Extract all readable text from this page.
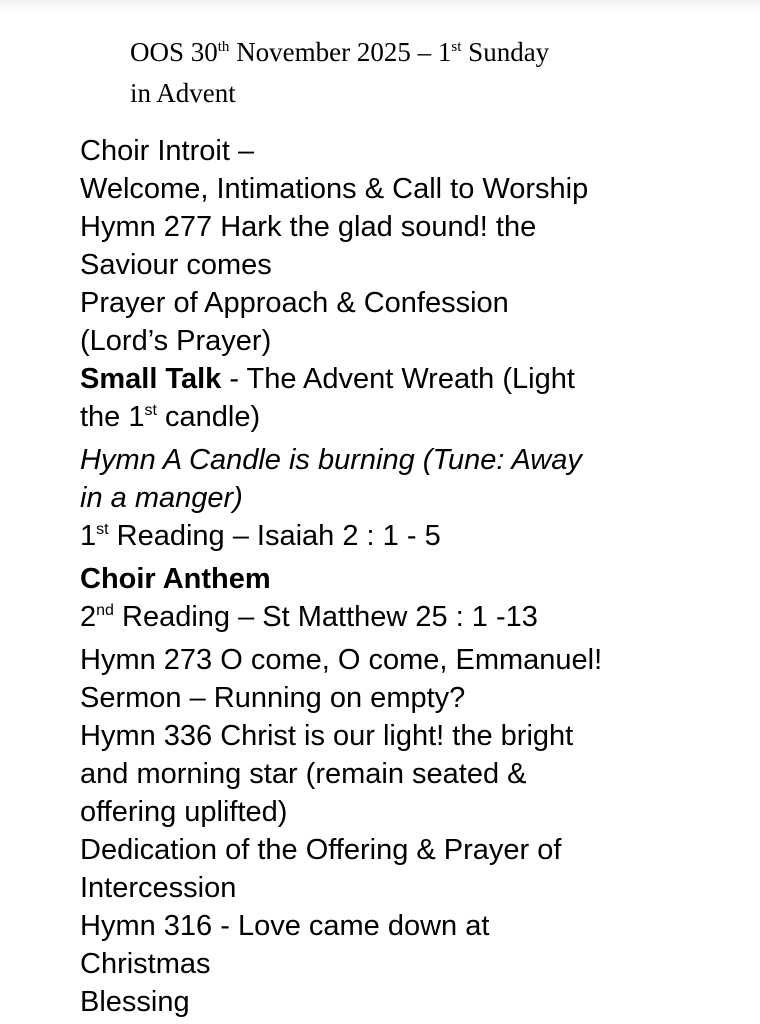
OOS 30th November 2025 – 1st Sunday
in Advent
Choir Introit –
Welcome, Intimations & Call to Worship
Hymn 277 Hark the glad sound! the
Saviour comes
Prayer of Approach & Confession
(Lord’s Prayer)
Small Talk - The Advent Wreath (Light
the 1st candle)
Hymn A Candle is burning (Tune: Away
in a manger)
1st Reading – Isaiah 2 : 1 - 5
Choir Anthem
2nd Reading – St Matthew 25 : 1 -13
Hymn 273 O come, O come, Emmanuel!
Sermon – Running on empty?
Hymn 336 Christ is our light! the bright
and morning star (remain seated &
offering uplifted)
Dedication of the Offering & Prayer of
Intercession
Hymn 316 - Love came down at
Christmas
Blessing
